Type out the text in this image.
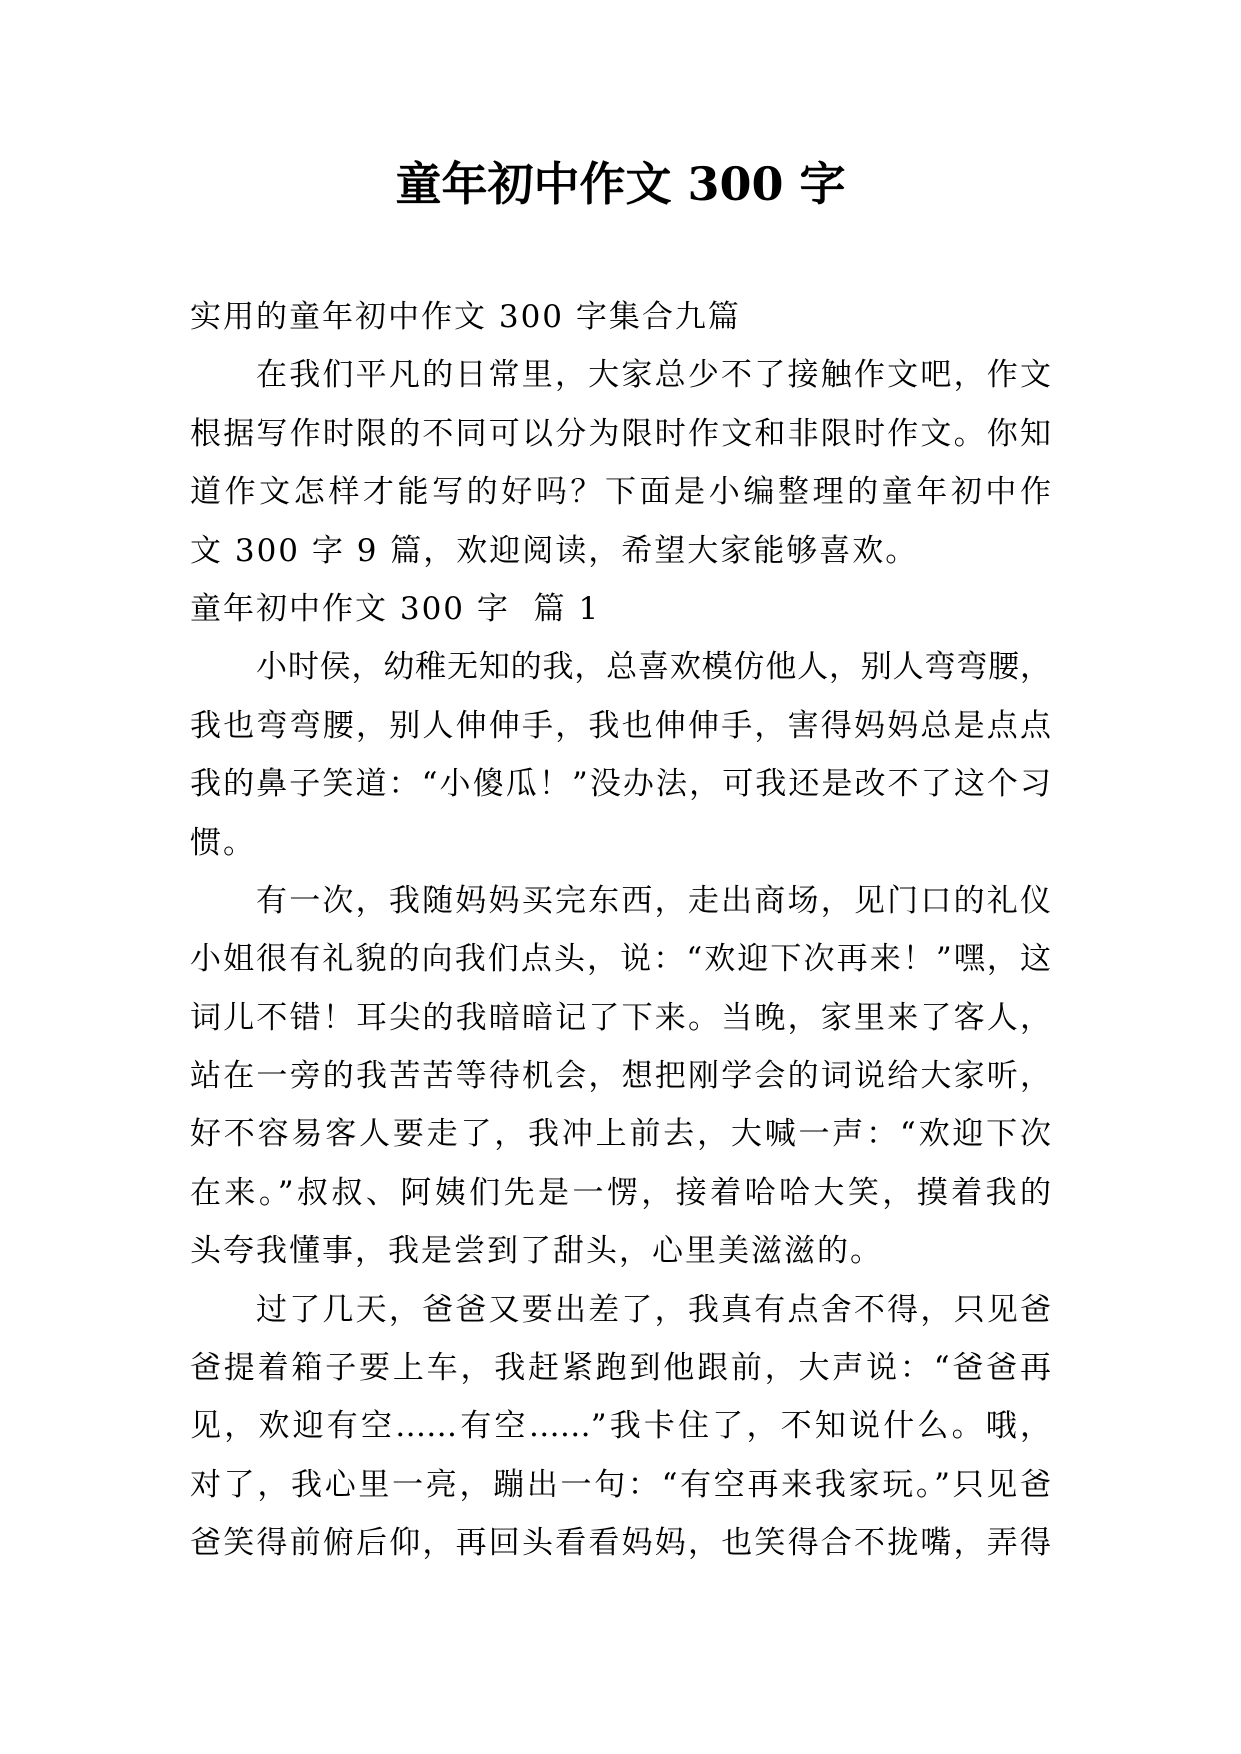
童年初中作文 300 字
实用的童年初中作文 300 字集合九篇
在我们平凡的日常里，大家总少不了接触作文吧，作文
根据写作时限的不同可以分为限时作文和非限时作文。你知
道作文怎样才能写的好吗？下面是小编整理的童年初中作
文 300 字 9 篇，欢迎阅读，希望大家能够喜欢。
童年初中作文 300 字  篇 1
小时侯，幼稚无知的我，总喜欢模仿他人，别人弯弯腰，
我也弯弯腰，别人伸伸手，我也伸伸手，害得妈妈总是点点
我的鼻子笑道：“小傻瓜！”没办法，可我还是改不了这个习
惯。
有一次，我随妈妈买完东西，走出商场，见门口的礼仪
小姐很有礼貌的向我们点头，说：“欢迎下次再来！”嘿，这
词儿不错！耳尖的我暗暗记了下来。当晚，家里来了客人，
站在一旁的我苦苦等待机会，想把刚学会的词说给大家听，
好不容易客人要走了，我冲上前去，大喊一声：“欢迎下次
在来。”叔叔、阿姨们先是一愣，接着哈哈大笑，摸着我的
头夸我懂事，我是尝到了甜头，心里美滋滋的。
过了几天，爸爸又要出差了，我真有点舍不得，只见爸
爸提着箱子要上车，我赶紧跑到他跟前，大声说：“爸爸再
见，欢迎有空……有空……”我卡住了，不知说什么。哦，
对了，我心里一亮，蹦出一句：“有空再来我家玩。”只见爸
爸笑得前俯后仰，再回头看看妈妈，也笑得合不拢嘴，弄得
